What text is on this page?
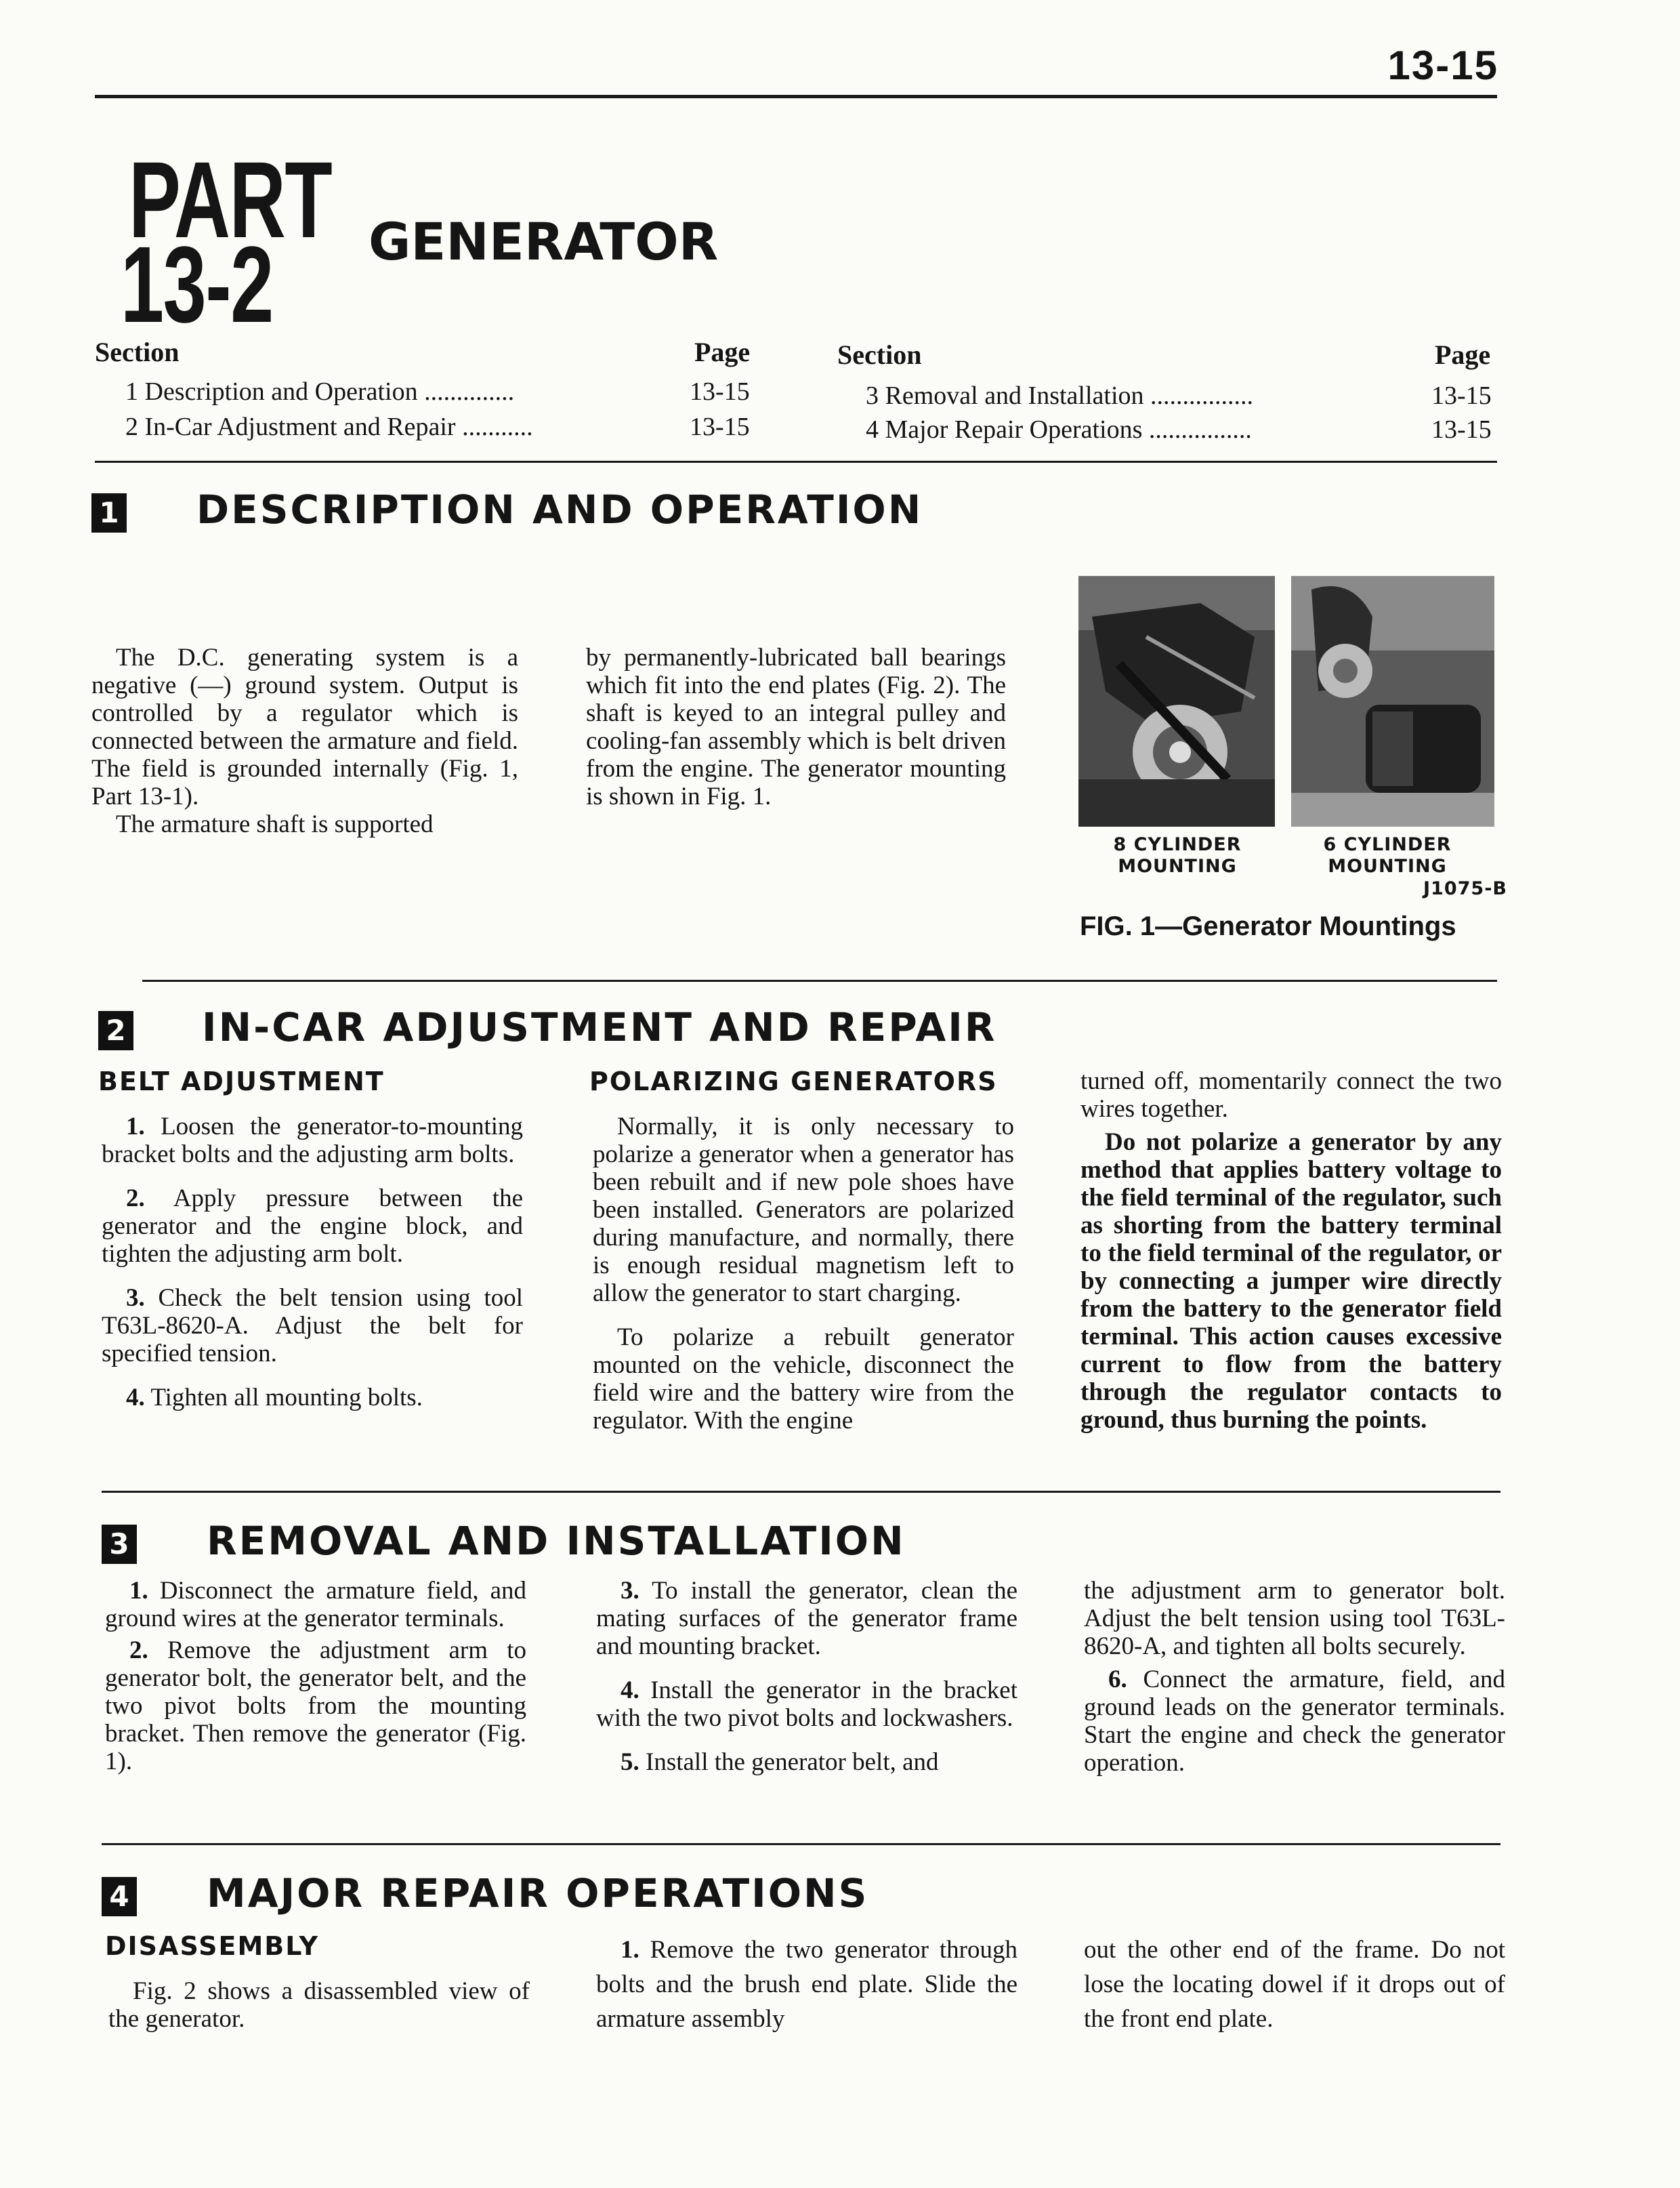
13-15
PART
13-2 GENERATOR
Section	Page	Section	Page
1 Description and Operation ..............	13-15
2 In-Car Adjustment and Repair ...........	13-15
3 Removal and Installation ................	13-15
4 Major Repair Operations ................	13-15
1 DESCRIPTION AND OPERATION

The D.C. generating system is a negative (—) ground system. Output is controlled by a regulator which is connected between the armature and field. The field is grounded internally (Fig. 1, Part 13-1).

The armature shaft is supported

by permanently-lubricated ball bearings which fit into the end plates (Fig. 2). The shaft is keyed to an integral pulley and cooling-fan assembly which is belt driven from the engine. The generator mounting is shown in Fig. 1.

8 CYLINDER MOUNTING
6 CYLINDER MOUNTING
J1075-B
FIG. 1—Generator Mountings
2 IN-CAR ADJUSTMENT AND REPAIR
BELT ADJUSTMENT

1. Loosen the generator-to-mounting bracket bolts and the adjusting arm bolts.

2. Apply pressure between the generator and the engine block, and tighten the adjusting arm bolt.

3. Check the belt tension using tool T63L-8620-A. Adjust the belt for specified tension.

4. Tighten all mounting bolts.

POLARIZING GENERATORS

Normally, it is only necessary to polarize a generator when a generator has been rebuilt and if new pole shoes have been installed. Generators are polarized during manufacture, and normally, there is enough residual magnetism left to allow the generator to start charging.

To polarize a rebuilt generator mounted on the vehicle, disconnect the field wire and the battery wire from the regulator. With the engine

turned off, momentarily connect the two wires together.

Do not polarize a generator by any method that applies battery voltage to the field terminal of the regulator, such as shorting from the battery terminal to the field terminal of the regulator, or by connecting a jumper wire directly from the battery to the generator field terminal. This action causes excessive current to flow from the battery through the regulator contacts to ground, thus burning the points.

3 REMOVAL AND INSTALLATION

1. Disconnect the armature field, and ground wires at the generator terminals.

2. Remove the adjustment arm to generator bolt, the generator belt, and the two pivot bolts from the mounting bracket. Then remove the generator (Fig. 1).

3. To install the generator, clean the mating surfaces of the generator frame and mounting bracket.

4. Install the generator in the bracket with the two pivot bolts and lockwashers.

5. Install the generator belt, and

the adjustment arm to generator bolt. Adjust the belt tension using tool T63L-8620-A, and tighten all bolts securely.

6. Connect the armature, field, and ground leads on the generator terminals. Start the engine and check the generator operation.

4 MAJOR REPAIR OPERATIONS
DISASSEMBLY

Fig. 2 shows a disassembled view of the generator.

1. Remove the two generator through bolts and the brush end plate. Slide the armature assembly

out the other end of the frame. Do not lose the locating dowel if it drops out of the front end plate.
